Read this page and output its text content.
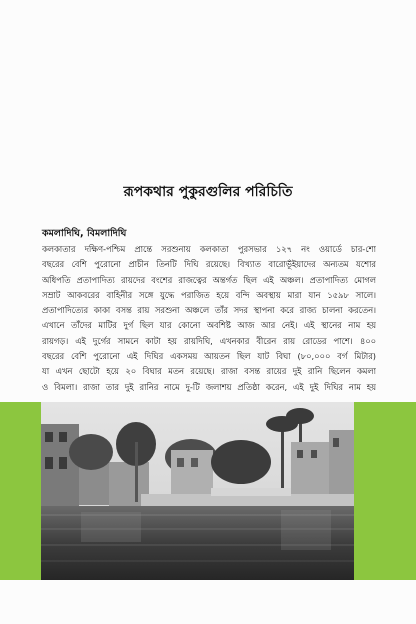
রূপকথার পুকুরগুলির পরিচিতি
কমলাদিঘি, বিমলাদিঘি
কলকাতার দক্ষিণ-পশ্চিম প্রান্তে সরশুনায় কলকাতা পুরসভার ১২৭ নং ওয়ার্ডে চার-শো
বছরের বেশি পুরোনো প্রাচীন তিনটি দিঘি রয়েছে। বিখ্যাত বারোভূঁইয়াদের অন্যতম যশোর
অধিপতি প্রতাপাদিত্য রায়দের বংশের রাজত্বের অন্তর্গত ছিল এই অঞ্চল। প্রতাপাদিত্য মোগল
সম্রাট আকবরের বাহিনীর সঙ্গে যুদ্ধে পরাজিত হয়ে বন্দি অবস্থায় মারা যান ১৫৯৮ সালে।
প্রতাপাদিত্যের কাকা বসন্ত রায় সরশুনা অঞ্চলে তাঁর সদর স্থাপনা করে রাজ্য চালনা করতেন।
এখানে তাঁদের মাটির দুর্গ ছিল যার কোনো অবশিষ্ট আজ আর নেই। এই স্থানের নাম হয়
রায়গড়। এই দুর্গের সামনে কাটা হয় রায়দিঘি, এখনকার বীরেন রায় রোডের পাশে। ৪০০
বছরের বেশি পুরোনো এই দিঘির একসময় আয়তন ছিল যাট বিঘা (৮০,০০০ বর্গ মিটার)
যা এখন ছোটো হয়ে ২০ বিঘার মতন রয়েছে। রাজা বসন্ত রায়ের দুই রানি ছিলেন কমলা
ও বিমলা। রাজা তার দুই রানির নামে দু-টি জলাশয় প্রতিষ্ঠা করেন, এই দুই দিঘির নাম হয়
